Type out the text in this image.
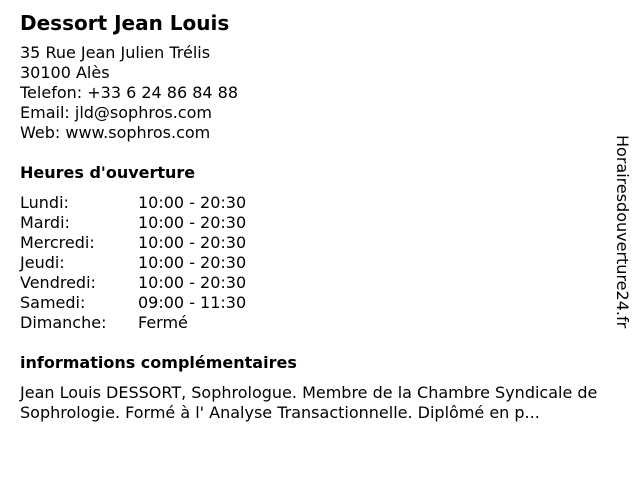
Dessort Jean Louis
35 Rue Jean Julien Trélis
30100 Alès
Telefon: +33 6 24 86 84 88
Email: jld@sophros.com
Web: www.sophros.com
Heures d'ouverture
Lundi:	10:00 - 20:30
Mardi:	10:00 - 20:30
Mercredi:	10:00 - 20:30
Jeudi:	10:00 - 20:30
Vendredi:	10:00 - 20:30
Samedi:	09:00 - 11:30
Dimanche:	Fermé
informations complémentaires
Jean Louis DESSORT, Sophrologue. Membre de la Chambre Syndicale de Sophrologie. Formé à l' Analyse Transactionnelle. Diplômé en p...
Horairesdouverture24.fr
